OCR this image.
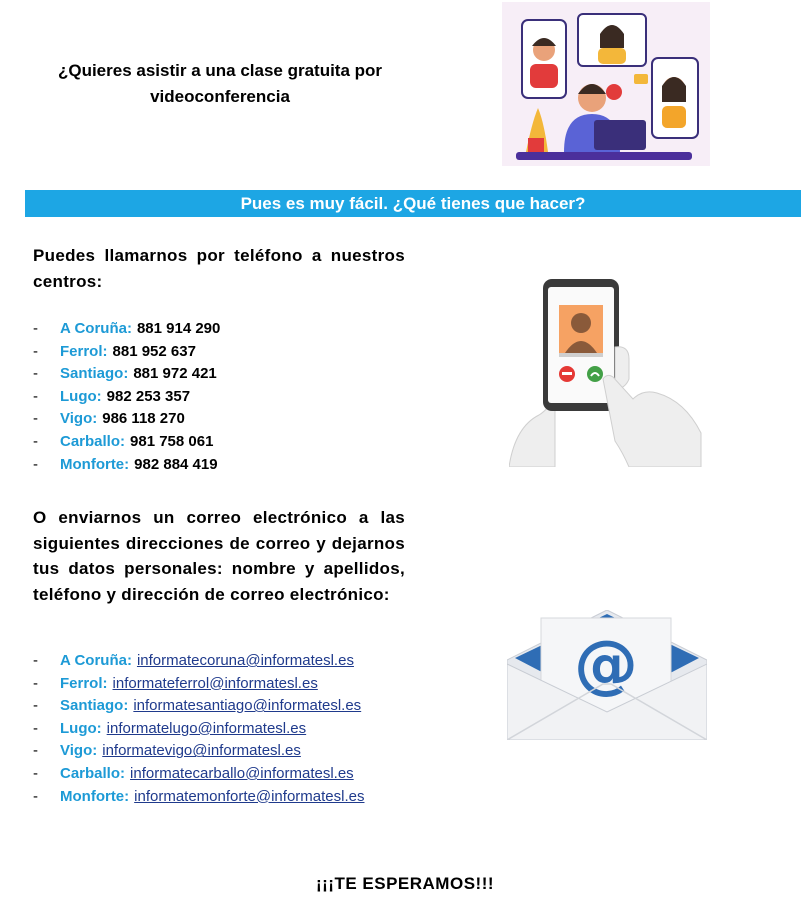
¿Quieres asistir a una clase gratuita por videoconferencia
Pues es muy fácil. ¿Qué tienes que hacer?
Puedes llamarnos por teléfono a nuestros centros:
-	A Coruña: 881 914 290
-	Ferrol: 881 952 637
-	Santiago: 881 972 421
-	Lugo: 982 253 357
-	Vigo: 986 118 270
-	Carballo: 981 758 061
-	Monforte: 982 884 419
O enviarnos un correo electrónico a las siguientes direcciones de correo y dejarnos tus datos personales: nombre y apellidos, teléfono y dirección de correo electrónico:
-	A Coruña: informatecoruna@informatesl.es
-	Ferrol: informateferrol@informatesl.es
-	Santiago: informatesantiago@informatesl.es
-	Lugo: informatelugo@informatesl.es
-	Vigo: informatevigo@informatesl.es
-	Carballo: informatecarballo@informatesl.es
-	Monforte: informatemonforte@informatesl.es
@
¡¡¡TE ESPERAMOS!!!
